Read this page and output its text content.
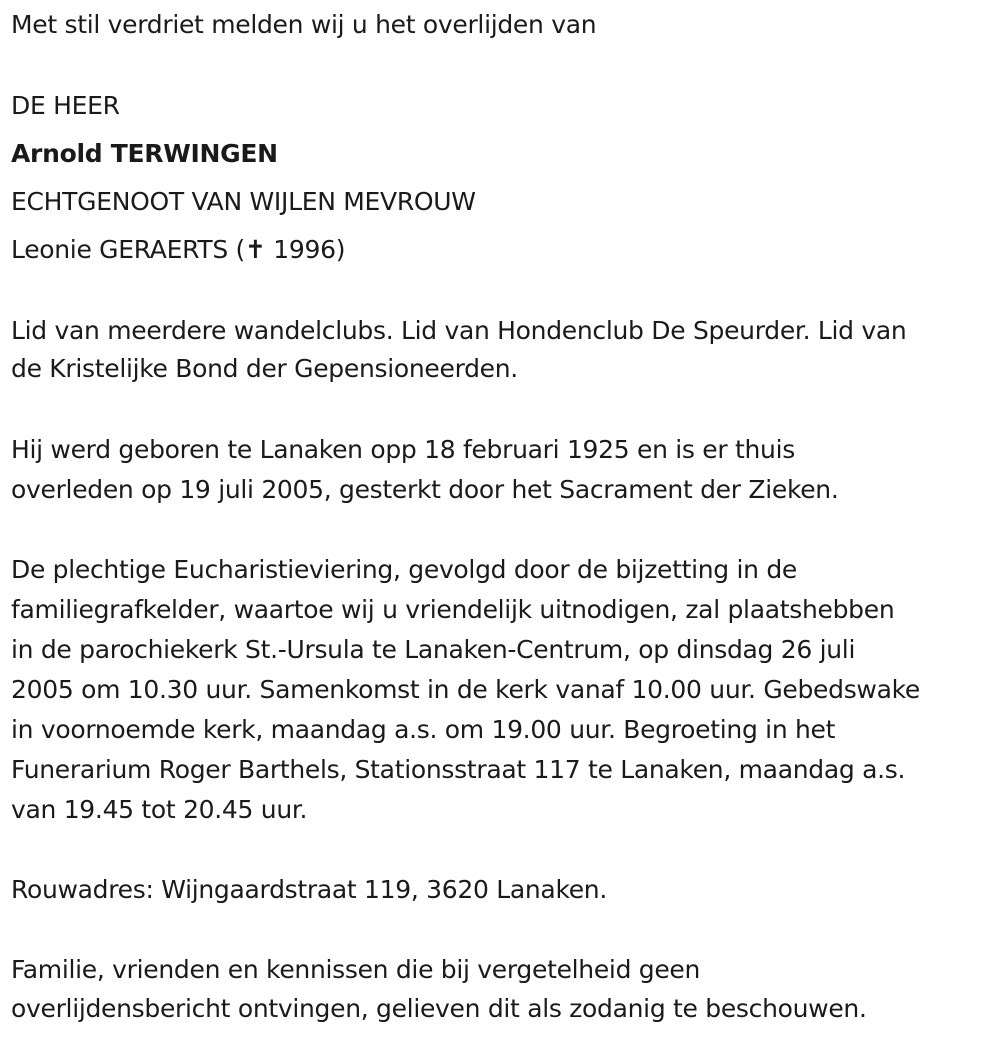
Met stil verdriet melden wij u het overlijden van
DE HEER
Arnold TERWINGEN
ECHTGENOOT VAN WIJLEN MEVROUW
Leonie GERAERTS (✝ 1996)
Lid van meerdere wandelclubs. Lid van Hondenclub De Speurder. Lid van
de Kristelijke Bond der Gepensioneerden.
Hij werd geboren te Lanaken opp 18 februari 1925 en is er thuis
overleden op 19 juli 2005, gesterkt door het Sacrament der Zieken.
De plechtige Eucharistieviering, gevolgd door de bijzetting in de
familiegrafkelder, waartoe wij u vriendelijk uitnodigen, zal plaatshebben
in de parochiekerk St.-Ursula te Lanaken-Centrum, op dinsdag 26 juli
2005 om 10.30 uur. Samenkomst in de kerk vanaf 10.00 uur. Gebedswake
in voornoemde kerk, maandag a.s. om 19.00 uur. Begroeting in het
Funerarium Roger Barthels, Stationsstraat 117 te Lanaken, maandag a.s.
van 19.45 tot 20.45 uur.
Rouwadres: Wijngaardstraat 119, 3620 Lanaken.
Familie, vrienden en kennissen die bij vergetelheid geen
overlijdensbericht ontvingen, gelieven dit als zodanig te beschouwen.
